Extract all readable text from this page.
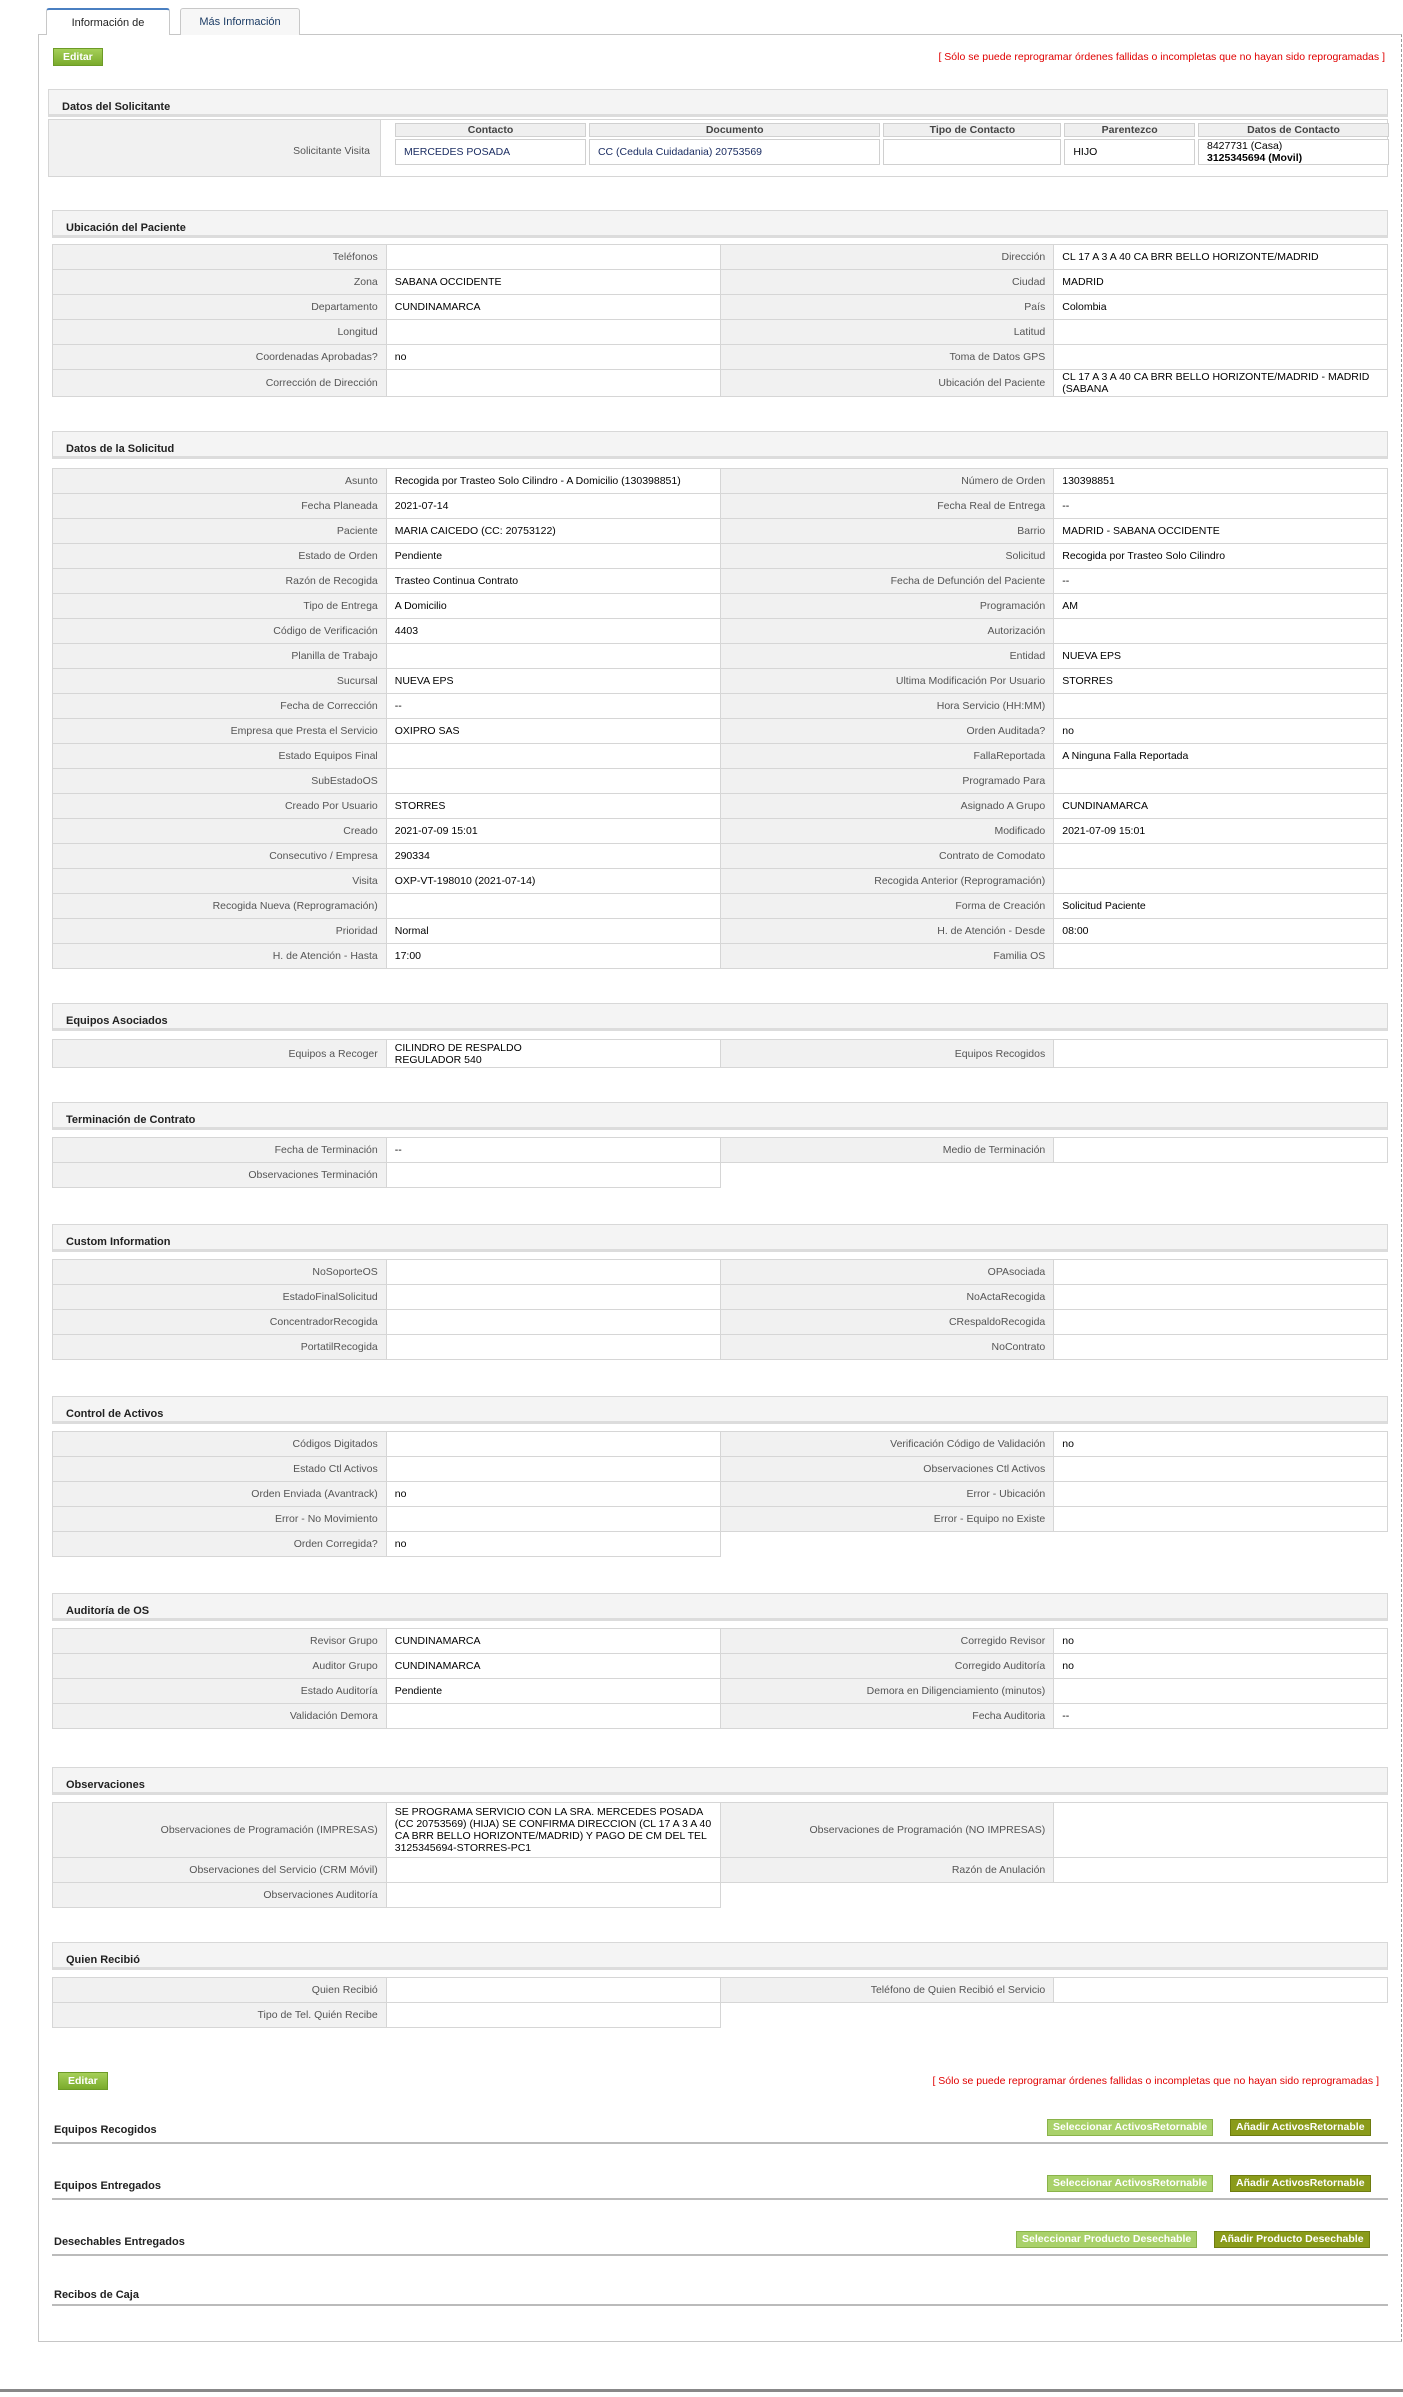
Información de	Más Información
Editar	[ Sólo se puede reprogramar órdenes fallidas o incompletas que no hayan sido reprogramadas ]
Datos del Solicitante
Solicitante Visita
Contacto	Documento	Tipo de Contacto	Parentezco	Datos de Contacto
MERCEDES POSADA	CC (Cedula Cuidadania) 20753569		HIJO	8427731 (Casa)
3125345694 (Movil)
Ubicación del Paciente
Teléfonos		Dirección	CL 17 A 3 A 40 CA BRR BELLO HORIZONTE/MADRID
Zona	SABANA OCCIDENTE	Ciudad	MADRID
Departamento	CUNDINAMARCA	País	Colombia
Longitud		Latitud	
Coordenadas Aprobadas?	no	Toma de Datos GPS	
Corrección de Dirección		Ubicación del Paciente	CL 17 A 3 A 40 CA BRR BELLO HORIZONTE/MADRID - MADRID (SABANA
Datos de la Solicitud
Asunto	Recogida por Trasteo Solo Cilindro - A Domicilio (130398851)	Número de Orden	130398851
Fecha Planeada	2021-07-14	Fecha Real de Entrega	--
Paciente	MARIA CAICEDO (CC: 20753122)	Barrio	MADRID - SABANA OCCIDENTE
Estado de Orden	Pendiente	Solicitud	Recogida por Trasteo Solo Cilindro
Razón de Recogida	Trasteo Continua Contrato	Fecha de Defunción del Paciente	--
Tipo de Entrega	A Domicilio	Programación	AM
Código de Verificación	4403	Autorización	
Planilla de Trabajo		Entidad	NUEVA EPS
Sucursal	NUEVA EPS	Ultima Modificación Por Usuario	STORRES
Fecha de Corrección	--	Hora Servicio (HH:MM)	
Empresa que Presta el Servicio	OXIPRO SAS	Orden Auditada?	no
Estado Equipos Final		FallaReportada	A Ninguna Falla Reportada
SubEstadoOS		Programado Para	
Creado Por Usuario	STORRES	Asignado A Grupo	CUNDINAMARCA
Creado	2021-07-09 15:01	Modificado	2021-07-09 15:01
Consecutivo / Empresa	290334	Contrato de Comodato	
Visita	OXP-VT-198010 (2021-07-14)	Recogida Anterior (Reprogramación)	
Recogida Nueva (Reprogramación)		Forma de Creación	Solicitud Paciente
Prioridad	Normal	H. de Atención - Desde	08:00
H. de Atención - Hasta	17:00	Familia OS	
Equipos Asociados
Equipos a Recoger	CILINDRO DE RESPALDO
REGULADOR 540	Equipos Recogidos	
Terminación de Contrato
Fecha de Terminación	--	Medio de Terminación	
Observaciones Terminación			
Custom Information
NoSoporteOS		OPAsociada	
EstadoFinalSolicitud		NoActaRecogida	
ConcentradorRecogida		CRespaldoRecogida	
PortatilRecogida		NoContrato	
Control de Activos
Códigos Digitados		Verificación Código de Validación	no
Estado Ctl Activos		Observaciones Ctl Activos	
Orden Enviada (Avantrack)	no	Error - Ubicación	
Error - No Movimiento		Error - Equipo no Existe	
Orden Corregida?	no		
Auditoría de OS
Revisor Grupo	CUNDINAMARCA	Corregido Revisor	no
Auditor Grupo	CUNDINAMARCA	Corregido Auditoría	no
Estado Auditoría	Pendiente	Demora en Diligenciamiento (minutos)	
Validación Demora		Fecha Auditoria	--
Observaciones
Observaciones de Programación (IMPRESAS)	SE PROGRAMA SERVICIO CON LA SRA. MERCEDES POSADA (CC 20753569) (HIJA) SE CONFIRMA DIRECCION (CL 17 A 3 A 40 CA BRR BELLO HORIZONTE/MADRID) Y PAGO DE CM DEL TEL 3125345694-STORRES-PC1	Observaciones de Programación (NO IMPRESAS)	
Observaciones del Servicio (CRM Móvil)		Razón de Anulación	
Observaciones Auditoría			
Quien Recibió
Quien Recibió		Teléfono de Quien Recibió el Servicio	
Tipo de Tel. Quién Recibe			
Editar	[ Sólo se puede reprogramar órdenes fallidas o incompletas que no hayan sido reprogramadas ]
Equipos Recogidos	Seleccionar ActivosRetornable	Añadir ActivosRetornable
Equipos Entregados	Seleccionar ActivosRetornable	Añadir ActivosRetornable
Desechables Entregados	Seleccionar Producto Desechable	Añadir Producto Desechable
Recibos de Caja
